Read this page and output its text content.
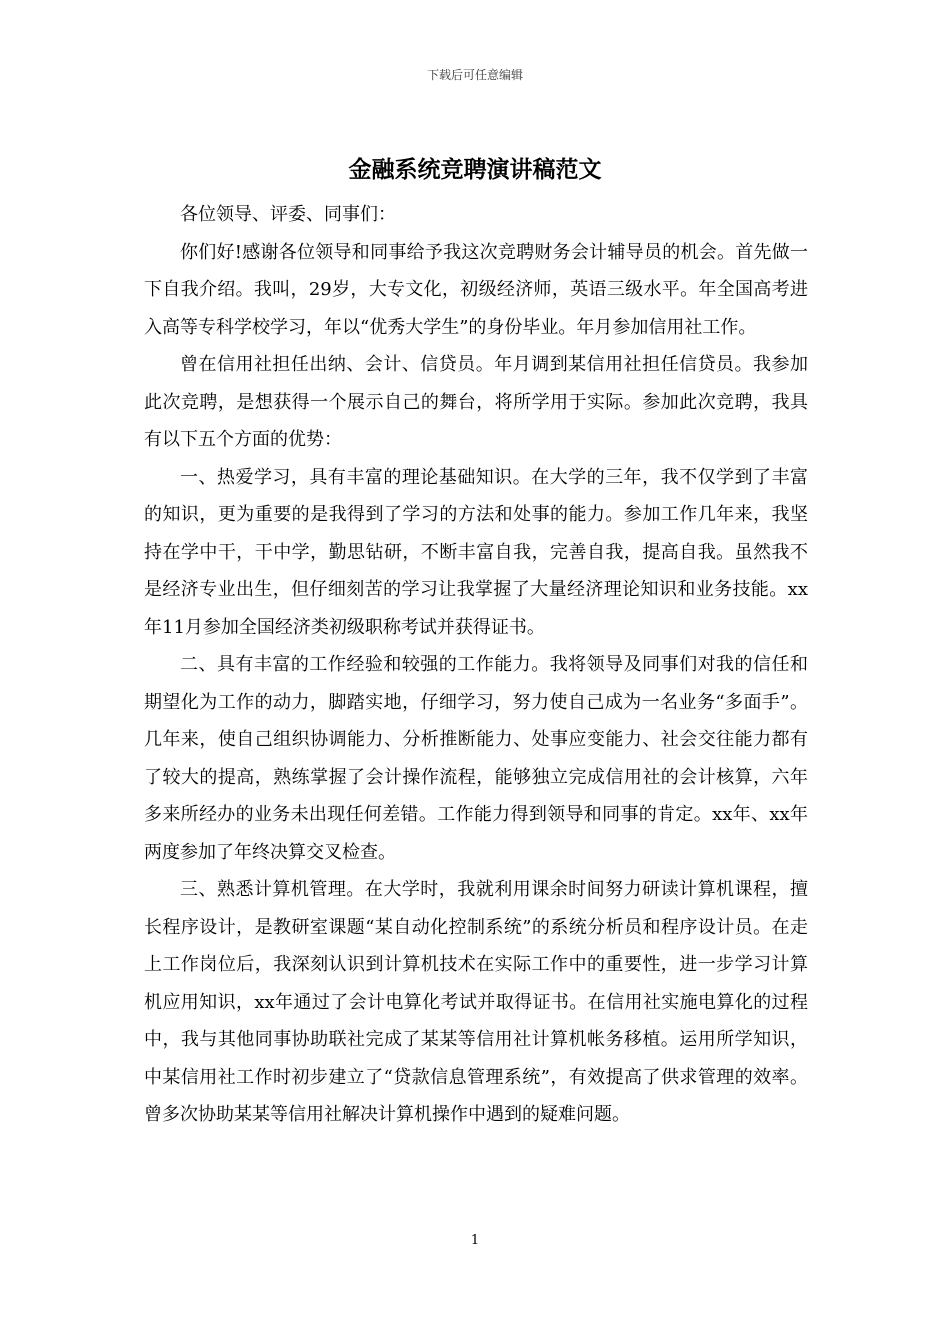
下载后可任意编辑
金融系统竞聘演讲稿范文

各位领导、评委、同事们：

你们好!感谢各位领导和同事给予我这次竞聘财务会计辅导员的机会。首先做一下自我介绍。我叫，29岁，大专文化，初级经济师，英语三级水平。年全国高考进入高等专科学校学习，年以“优秀大学生”的身份毕业。年月参加信用社工作。

曾在信用社担任出纳、会计、信贷员。年月调到某信用社担任信贷员。我参加此次竞聘，是想获得一个展示自己的舞台，将所学用于实际。参加此次竞聘，我具有以下五个方面的优势：

一、热爱学习，具有丰富的理论基础知识。在大学的三年，我不仅学到了丰富的知识，更为重要的是我得到了学习的方法和处事的能力。参加工作几年来，我坚持在学中干，干中学，勤思钻研，不断丰富自我，完善自我，提高自我。虽然我不是经济专业出生，但仔细刻苦的学习让我掌握了大量经济理论知识和业务技能。xx年11月参加全国经济类初级职称考试并获得证书。

二、具有丰富的工作经验和较强的工作能力。我将领导及同事们对我的信任和期望化为工作的动力，脚踏实地，仔细学习，努力使自己成为一名业务“多面手”。几年来，使自己组织协调能力、分析推断能力、处事应变能力、社会交往能力都有了较大的提高，熟练掌握了会计操作流程，能够独立完成信用社的会计核算，六年多来所经办的业务未出现任何差错。工作能力得到领导和同事的肯定。xx年、xx年两度参加了年终决算交叉检查。

三、熟悉计算机管理。在大学时，我就利用课余时间努力研读计算机课程，擅长程序设计，是教研室课题“某自动化控制系统”的系统分析员和程序设计员。在走上工作岗位后，我深刻认识到计算机技术在实际工作中的重要性，进一步学习计算机应用知识，xx年通过了会计电算化考试并取得证书。在信用社实施电算化的过程中，我与其他同事协助联社完成了某某等信用社计算机帐务移植。运用所学知识，中某信用社工作时初步建立了“贷款信息管理系统”，有效提高了供求管理的效率。曾多次协助某某等信用社解决计算机操作中遇到的疑难问题。

1
